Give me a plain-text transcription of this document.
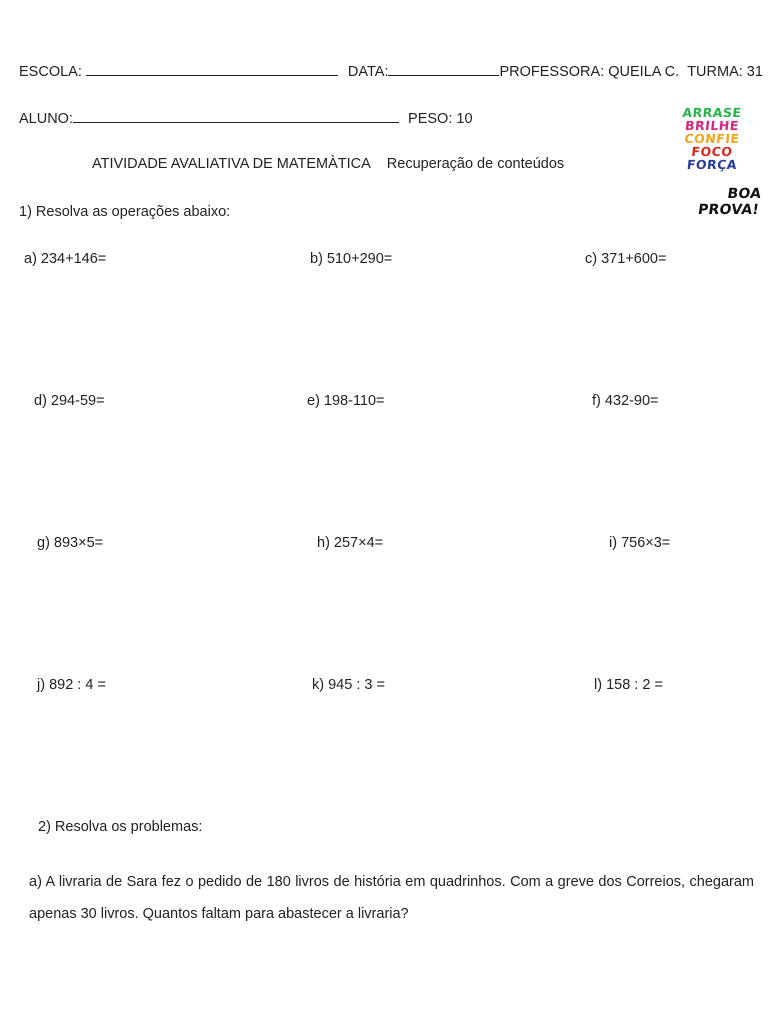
ESCOLA:	DATA:	PROFESSORA: QUEILA C. TURMA: 31
ALUNO:	PESO: 10	ARRASE
BRILHE
CONFIE
FOCO
FORÇA
BOA PROVA!
ATIVIDADE AVALIATIVA DE MATEMÀTICA Recuperação de conteúdos
1) Resolva as operações abaixo:
a) 234+146=	b) 510+290=	c) 371+600=
d) 294-59=	e) 198-110=	f) 432-90=
g) 893×5=	h) 257×4=	i) 756×3=
j) 892 : 4 =	k) 945 : 3 =	l) 158 : 2 =
2) Resolva os problemas:
a) A livraria de Sara fez o pedido de 180 livros de história em quadrinhos. Com a greve dos Correios, chegaram apenas 30 livros. Quantos faltam para abastecer a livraria?
